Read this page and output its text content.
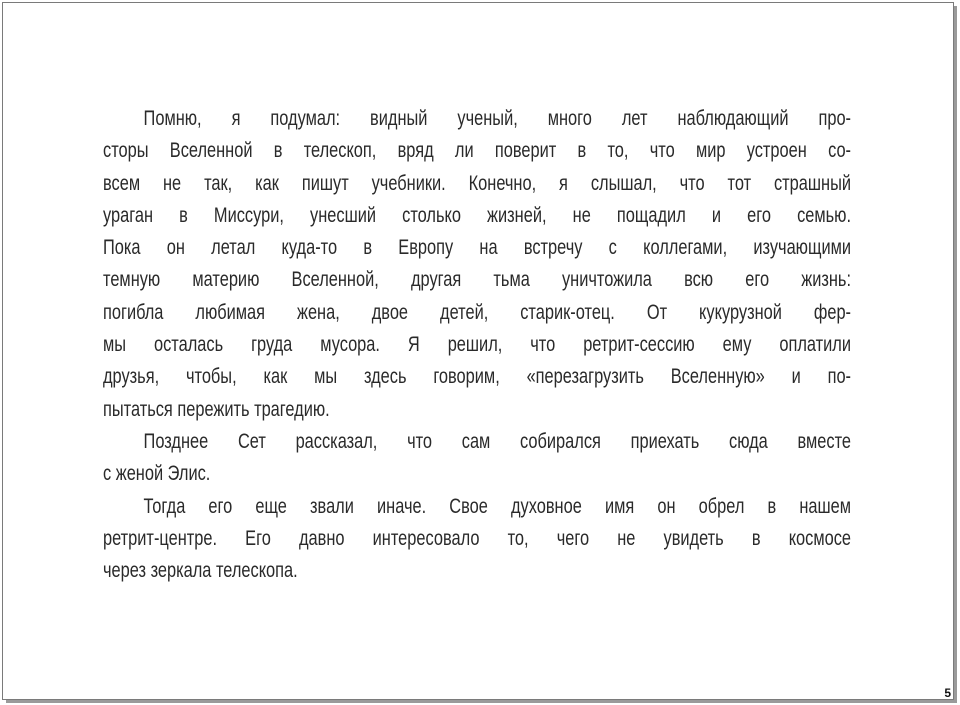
Помню, я подумал: видный ученый, много лет наблюдающий про-
сторы Вселенной в телескоп, вряд ли поверит в то, что мир устроен со-
всем не так, как пишут учебники. Конечно, я слышал, что тот страшный
ураган в Миссури, унесший столько жизней, не пощадил и его семью.
Пока он летал куда-то в Европу на встречу с коллегами, изучающими
темную материю Вселенной, другая тьма уничтожила всю его жизнь:
погибла любимая жена, двое детей, старик-отец. От кукурузной фер-
мы осталась груда мусора. Я решил, что ретрит-сессию ему оплатили
друзья, чтобы, как мы здесь говорим, «перезагрузить Вселенную» и по-
пытаться пережить трагедию.
Позднее Сет рассказал, что сам собирался приехать сюда вместе
с женой Элис.
Тогда его еще звали иначе. Свое духовное имя он обрел в нашем
ретрит-центре. Его давно интересовало то, чего не увидеть в космосе
через зеркала телескопа.
5
